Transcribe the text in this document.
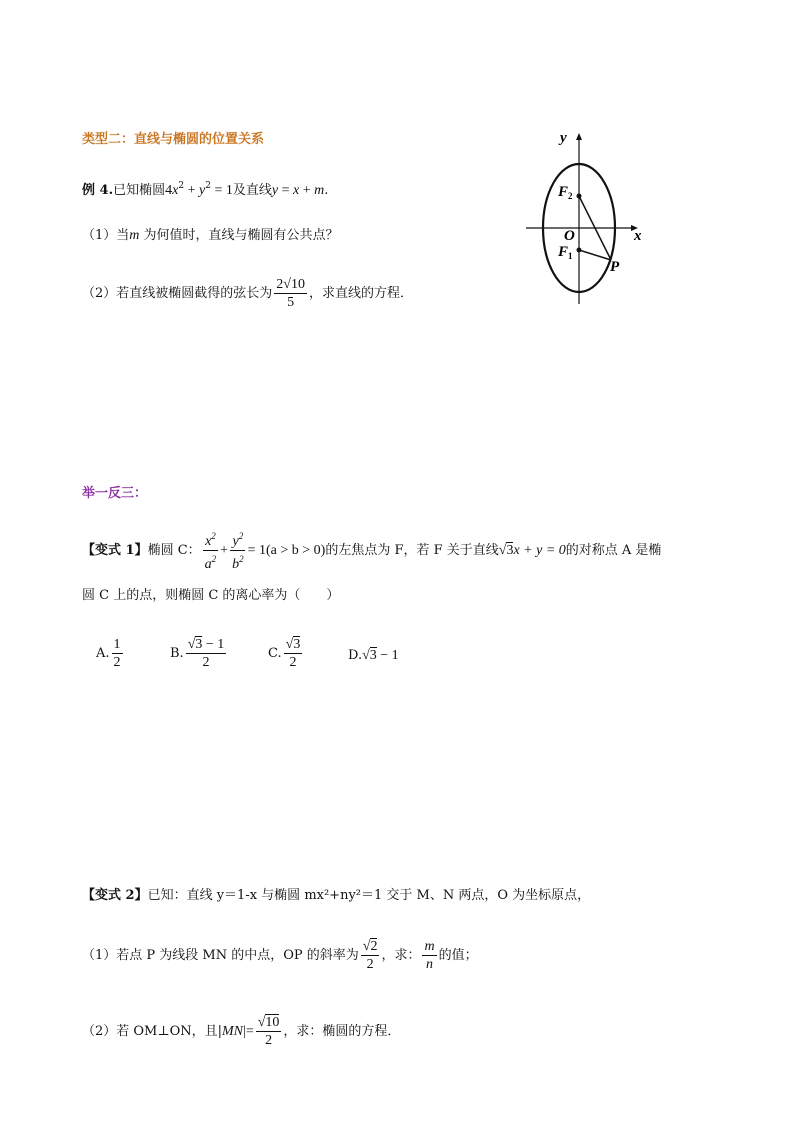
类型二：直线与椭圆的位置关系
例 4.已知椭圆$4x^2 + y^2 = 1$及直线y = x + m.
（1）当m 为何值时，直线与椭圆有公共点？
（2）若直线被椭圆截得的弦长为 $\frac{2√10}{5}$ ，求直线的方程．
y
x
O
$F_2$
$F_1$
P
举一反三：
【变式 1】椭圆 C： $\frac{x^2}{a^2} + \frac{y^2}{b^2} = 1(a > b > 0)$的左焦点为 F，若 F 关于直线√3x + y = 0的对称点 A 是椭
圆 C 上的点，则椭圆 C 的离心率为（　　）
A. $\frac{1}{2}$	B. $\frac{√3 - 1}{2}$	C. $\frac{√3}{2}$	D.√3 − 1
【变式 2】已知：直线 y＝1-x 与椭圆 mx²+ny²＝1 交于 M、N 两点，O 为坐标原点，
（1）若点 P 为线段 MN 的中点，OP 的斜率为 $\frac{√2}{2}$ ，求： $\frac{m}{n}$ 的值；
（2）若 OM⊥ON，且$|MN|= \frac{√10}{2}$ ，求：椭圆的方程．
